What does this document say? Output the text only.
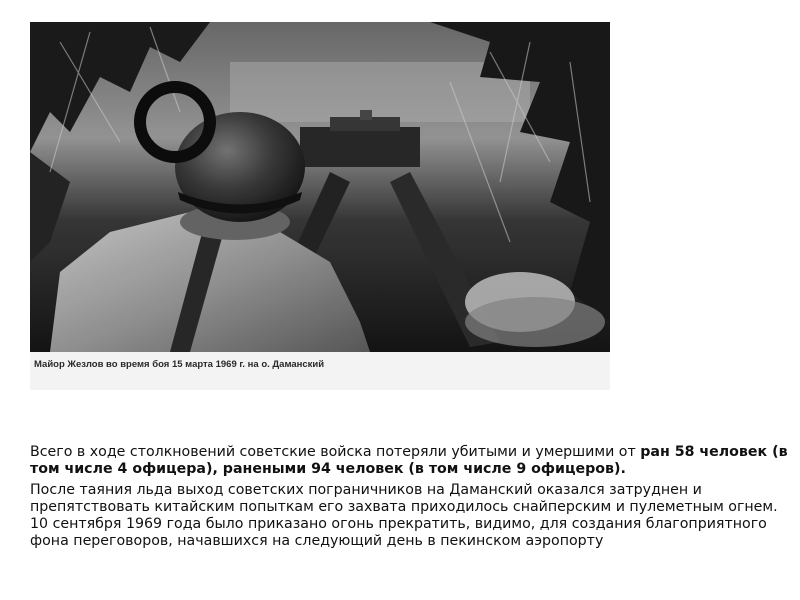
Майор Жезлов во время боя 15 марта 1969 г. на о. Даманский

Всего в ходе столкновений советские войска потеряли убитыми и умершими от ран 58 человек (в том числе 4 офицера), ранеными 94 человек (в том числе 9 офицеров).

После таяния льда выход советских пограничников на Даманский оказался затруднен и препятствовать китайским попыткам его захвата приходилось снайперским и пулеметным огнем. 10 сентября 1969 года было приказано огонь прекратить, видимо, для создания благоприятного фона переговоров, начавшихся на следующий день в пекинском аэропорту
